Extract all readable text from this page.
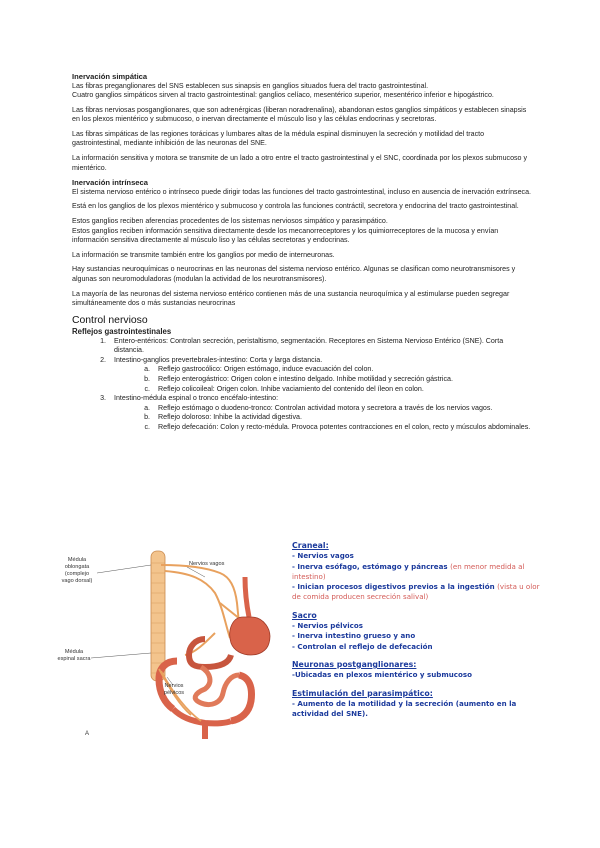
Inervación simpática

Las fibras preganglionares del SNS establecen sus sinapsis en ganglios situados fuera del tracto gastrointestinal.

Cuatro ganglios simpáticos sirven al tracto gastrointestinal: ganglios celíaco, mesentérico superior, mesentérico inferior e hipogástrico.

Las fibras nerviosas posganglionares, que son adrenérgicas (liberan noradrenalina), abandonan estos ganglios simpáticos y establecen sinapsis en los plexos mientérico y submucoso, o inervan directamente el músculo liso y las células endocrinas y secretoras.

Las fibras simpáticas de las regiones torácicas y lumbares altas de la médula espinal disminuyen la secreción y motilidad del tracto gastrointestinal, mediante inhibición de las neuronas del SNE.

La información sensitiva y motora se transmite de un lado a otro entre el tracto gastrointestinal y el SNC, coordinada por los plexos submucoso y mientérico.

Inervación intrínseca

El sistema nervioso entérico o intrínseco puede dirigir todas las funciones del tracto gastrointestinal, incluso en ausencia de inervación extrínseca.

Está en los ganglios de los plexos mientérico y submucoso y controla las funciones contráctil, secretora y endocrina del tracto gastrointestinal.

Estos ganglios reciben aferencias procedentes de los sistemas nerviosos simpático y parasimpático.

Estos ganglios reciben información sensitiva directamente desde los mecanorreceptores y los quimiorreceptores de la mucosa y envían información sensitiva directamente al músculo liso y las células secretoras y endocrinas.

La información se transmite también entre los ganglios por medio de interneuronas.

Hay sustancias neuroquímicas o neurocrinas en las neuronas del sistema nervioso entérico. Algunas se clasifican como neurotransmisores y algunas son neuromoduladoras (modulan la actividad de los neurotransmisores).

La mayoría de las neuronas del sistema nervioso entérico contienen más de una sustancia neuroquímica y al estimularse pueden segregar simultáneamente dos o más sustancias neurocrinas

Control nervioso

Reflejos gastrointestinales

1. Entero-entéricos: Controlan secreción, peristaltismo, segmentación. Receptores en Sistema Nervioso Entérico (SNE). Corta distancia.
2. Intestino-ganglios prevertebrales-intestino: Corta y larga distancia.
a. Reflejo gastrocólico: Origen estómago, induce evacuación del colon.
b. Reflejo enterogástrico: Origen colon e intestino delgado. Inhibe motilidad y secreción gástrica.
c. Reflejo colicoileal: Origen colon. Inhibe vaciamiento del contenido del íleon en colon.
3. Intestino-médula espinal o tronco encéfalo-intestino:
a. Reflejo estómago o duodeno-tronco: Controlan actividad motora y secretora a través de los nervios vagos.
b. Reflejo doloroso: Inhibe la actividad digestiva.
c. Reflejo defecación: Colon y recto-médula. Provoca potentes contracciones en el colon, recto y músculos abdominales.
Médula oblongata (complejo vago dorsal)
Nervios vagos
Médula espinal sacra
Nervios pélvicos
A

Craneal:

- Nervios vagos

- Inerva esófago, estómago y páncreas (en menor medida al intestino)

- Inician procesos digestivos previos a la ingestión (vista u olor de comida producen secreción salival)

Sacro

- Nervios pélvicos

- Inerva intestino grueso y ano

- Controlan el reflejo de defecación

Neuronas postganglionares:

-Ubicadas en plexos mientérico y submucoso

Estimulación del parasimpático:

- Aumento de la motilidad y la secreción (aumento en la actividad del SNE).
